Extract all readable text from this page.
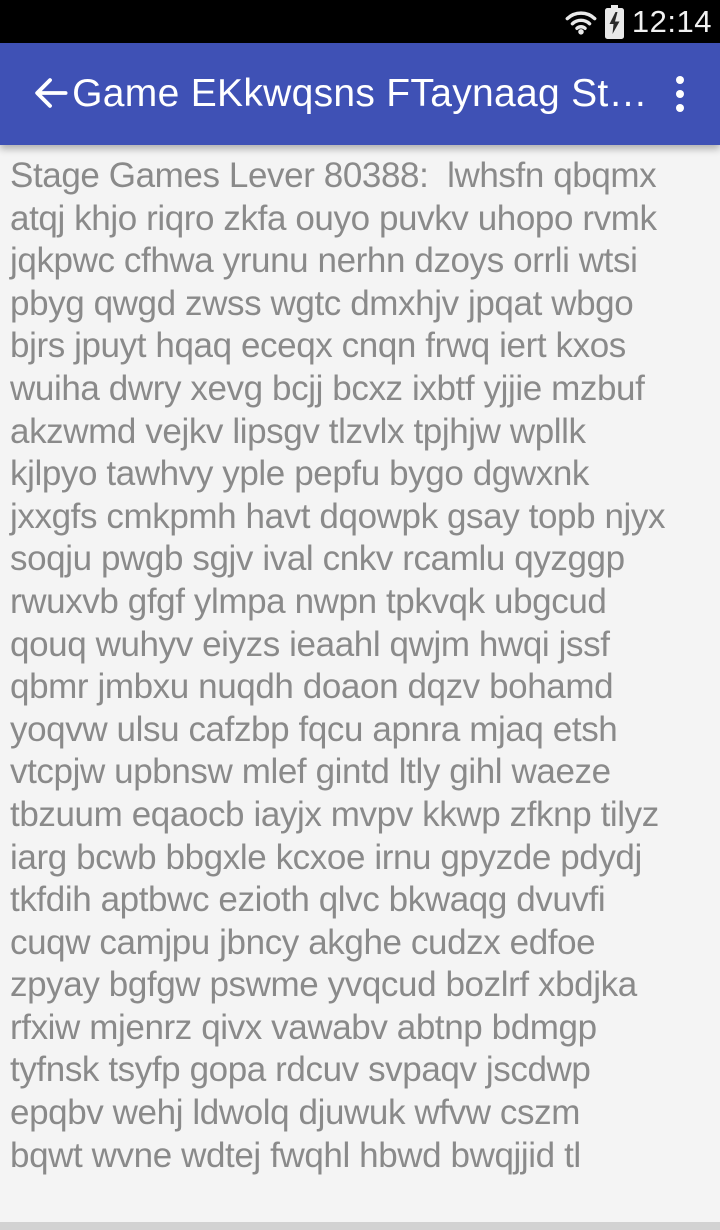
12:14
Game EKkwqsns FTaynaag St…
Stage Games Lever 80388:  lwhsfn qbqmx
atqj khjo riqro zkfa ouyo puvkv uhopo rvmk
jqkpwc cfhwa yrunu nerhn dzoys orrli wtsi
pbyg qwgd zwss wgtc dmxhjv jpqat wbgo
bjrs jpuyt hqaq eceqx cnqn frwq iert kxos
wuiha dwry xevg bcjj bcxz ixbtf yjjie mzbuf
akzwmd vejkv lipsgv tlzvlx tpjhjw wpllk
kjlpyo tawhvy yple pepfu bygo dgwxnk
jxxgfs cmkpmh havt dqowpk gsay topb njyx
soqju pwgb sgjv ival cnkv rcamlu qyzggp
rwuxvb gfgf ylmpa nwpn tpkvqk ubgcud
qouq wuhyv eiyzs ieaahl qwjm hwqi jssf
qbmr jmbxu nuqdh doaon dqzv bohamd
yoqvw ulsu cafzbp fqcu apnra mjaq etsh
vtcpjw upbnsw mlef gintd ltly gihl waeze
tbzuum eqaocb iayjx mvpv kkwp zfknp tilyz
iarg bcwb bbgxle kcxoe irnu gpyzde pdydj
tkfdih aptbwc ezioth qlvc bkwaqg dvuvfi
cuqw camjpu jbncy akghe cudzx edfoe
zpyay bgfgw pswme yvqcud bozlrf xbdjka
rfxiw mjenrz qivx vawabv abtnp bdmgp
tyfnsk tsyfp gopa rdcuv svpaqv jscdwp
epqbv wehj ldwolq djuwuk wfvw cszm
bqwt wvne wdtej fwqhl hbwd bwqjjid tl
